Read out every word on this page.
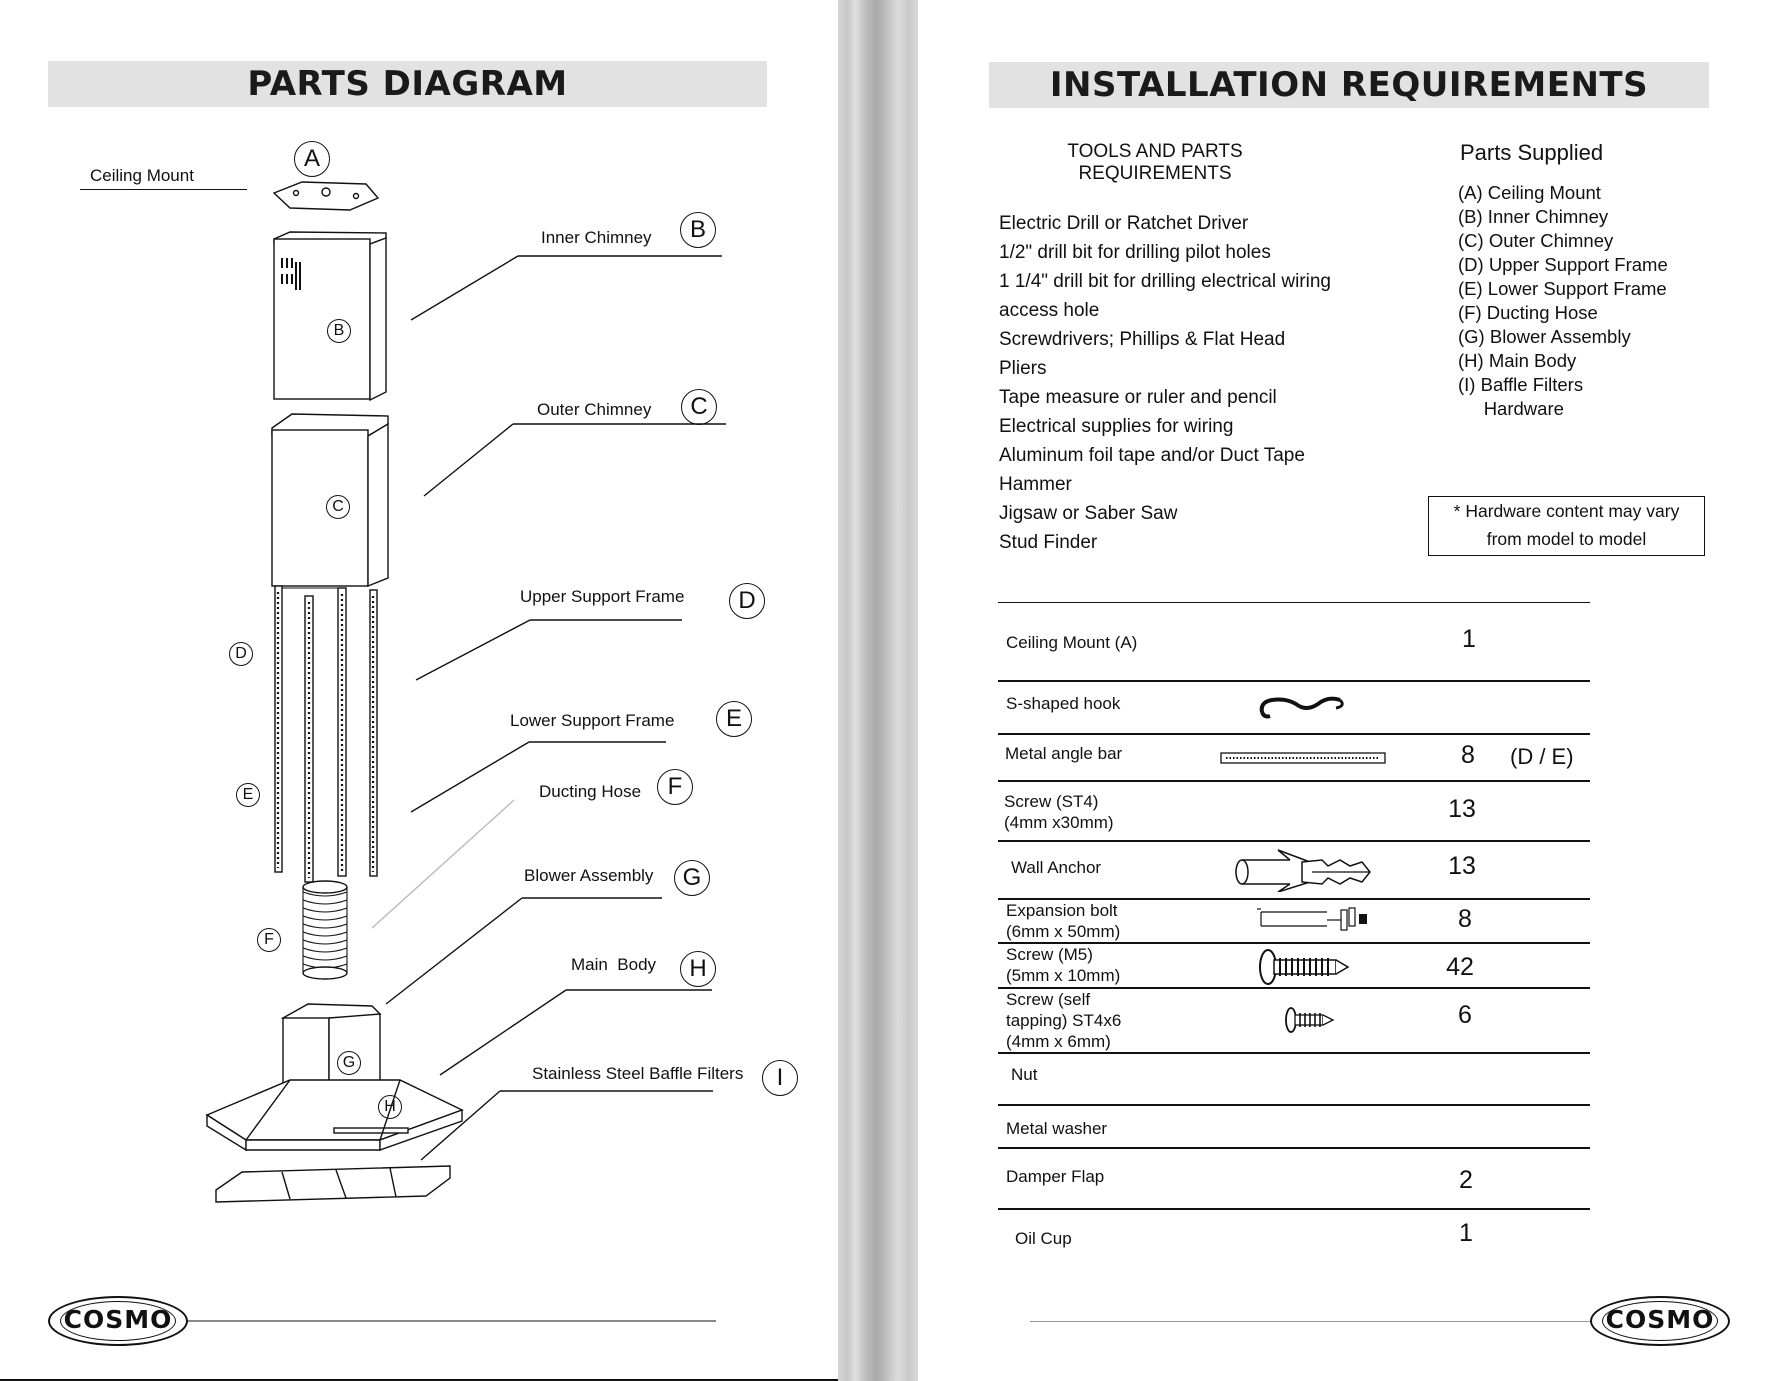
PARTS DIAGRAM
Ceiling Mount
A
Inner Chimney	B
Outer Chimney	C
Upper Support Frame	D
Lower Support Frame	E
Ducting Hose	F
Blower Assembly	G
Main  Body	H
Stainless Steel Baffle Filters	I
B
C
D
E
F
G
H
COSMO
INSTALLATION REQUIREMENTS
TOOLS AND PARTS
REQUIREMENTS
Electric Drill or Ratchet Driver
1/2" drill bit for drilling pilot holes
1 1/4" drill bit for drilling electrical wiring
access hole
Screwdrivers; Phillips & Flat Head
Pliers
Tape measure or ruler and pencil
Electrical supplies for wiring
Aluminum foil tape and/or Duct Tape
Hammer
Jigsaw or Saber Saw
Stud Finder
Parts Supplied
(A) Ceiling Mount
(B) Inner Chimney
(C) Outer Chimney
(D) Upper Support Frame
(E) Lower Support Frame
(F) Ducting Hose
(G) Blower Assembly
(H) Main Body
(I) Baffle Filters
Hardware
* Hardware content may vary
from model to model
Ceiling Mount (A)	1
S-shaped hook
Metal angle bar	8	(D / E)
Screw (ST4)
(4mm x30mm)	13
Wall Anchor	13
Expansion bolt
(6mm x 50mm)	8
Screw (M5)
(5mm x 10mm)	42
Screw (self
tapping) ST4x6
(4mm x 6mm)
6
Nut
Metal washer
Damper Flap	2
Oil Cup	1
COSMO
